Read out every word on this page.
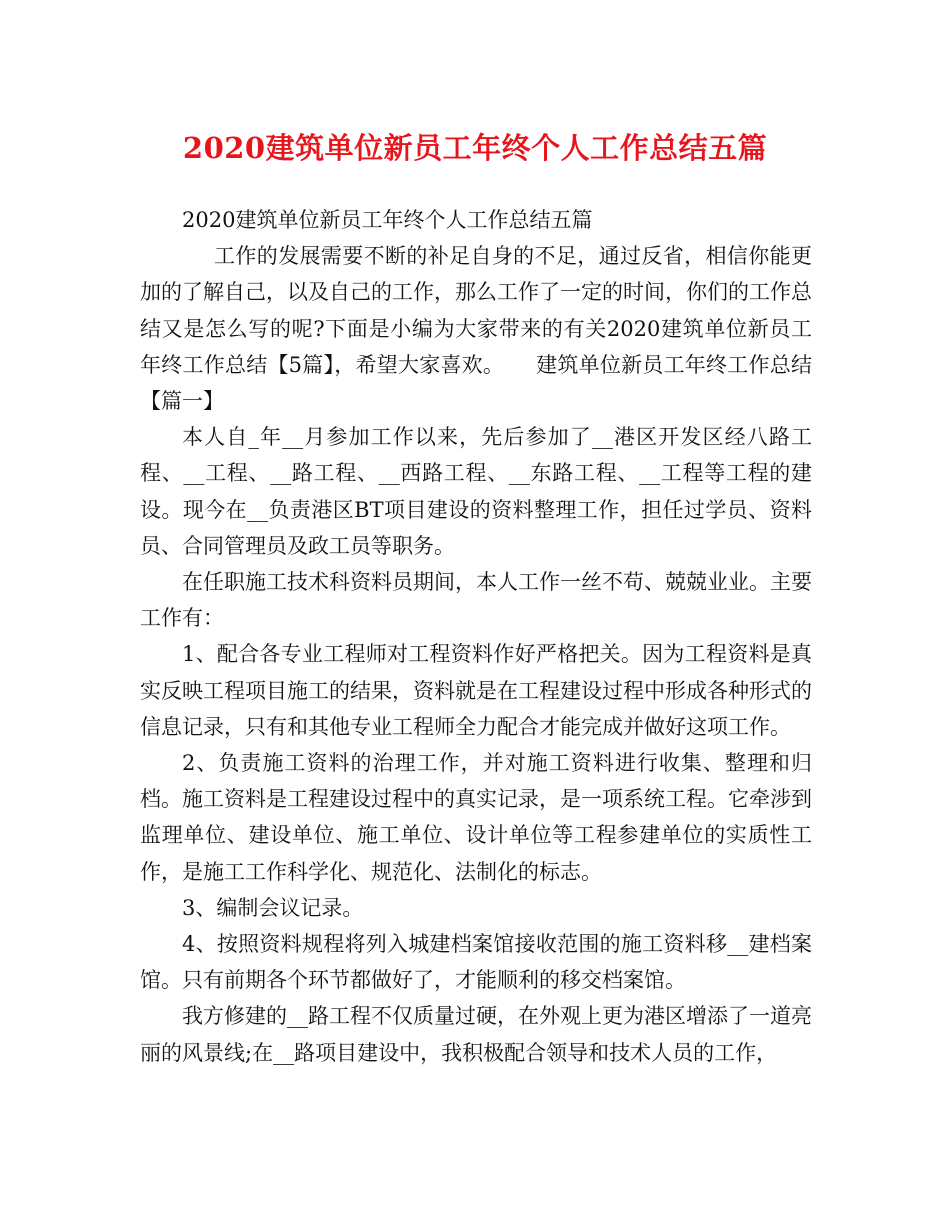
2020建筑单位新员工年终个人工作总结五篇

2020建筑单位新员工年终个人工作总结五篇

工作的发展需要不断的补足自身的不足，通过反省，相信你能更加的了解自己，以及自己的工作，那么工作了一定的时间，你们的工作总结又是怎么写的呢?下面是小编为大家带来的有关2020建筑单位新员工年终工作总结【5篇】，希望大家喜欢。　　建筑单位新员工年终工作总结【篇一】

本人自_年__月参加工作以来，先后参加了__港区开发区经八路工程、__工程、__路工程、__西路工程、__东路工程、__工程等工程的建设。现今在__负责港区BT项目建设的资料整理工作，担任过学员、资料员、合同管理员及政工员等职务。

在任职施工技术科资料员期间，本人工作一丝不苟、兢兢业业。主要工作有：

1、配合各专业工程师对工程资料作好严格把关。因为工程资料是真实反映工程项目施工的结果，资料就是在工程建设过程中形成各种形式的信息记录，只有和其他专业工程师全力配合才能完成并做好这项工作。

2、负责施工资料的治理工作，并对施工资料进行收集、整理和归档。施工资料是工程建设过程中的真实记录，是一项系统工程。它牵涉到监理单位、建设单位、施工单位、设计单位等工程参建单位的实质性工作，是施工工作科学化、规范化、法制化的标志。

3、编制会议记录。

4、按照资料规程将列入城建档案馆接收范围的施工资料移__建档案馆。只有前期各个环节都做好了，才能顺利的移交档案馆。

我方修建的__路工程不仅质量过硬，在外观上更为港区增添了一道亮丽的风景线;在__路项目建设中，我积极配合领导和技术人员的工作，
